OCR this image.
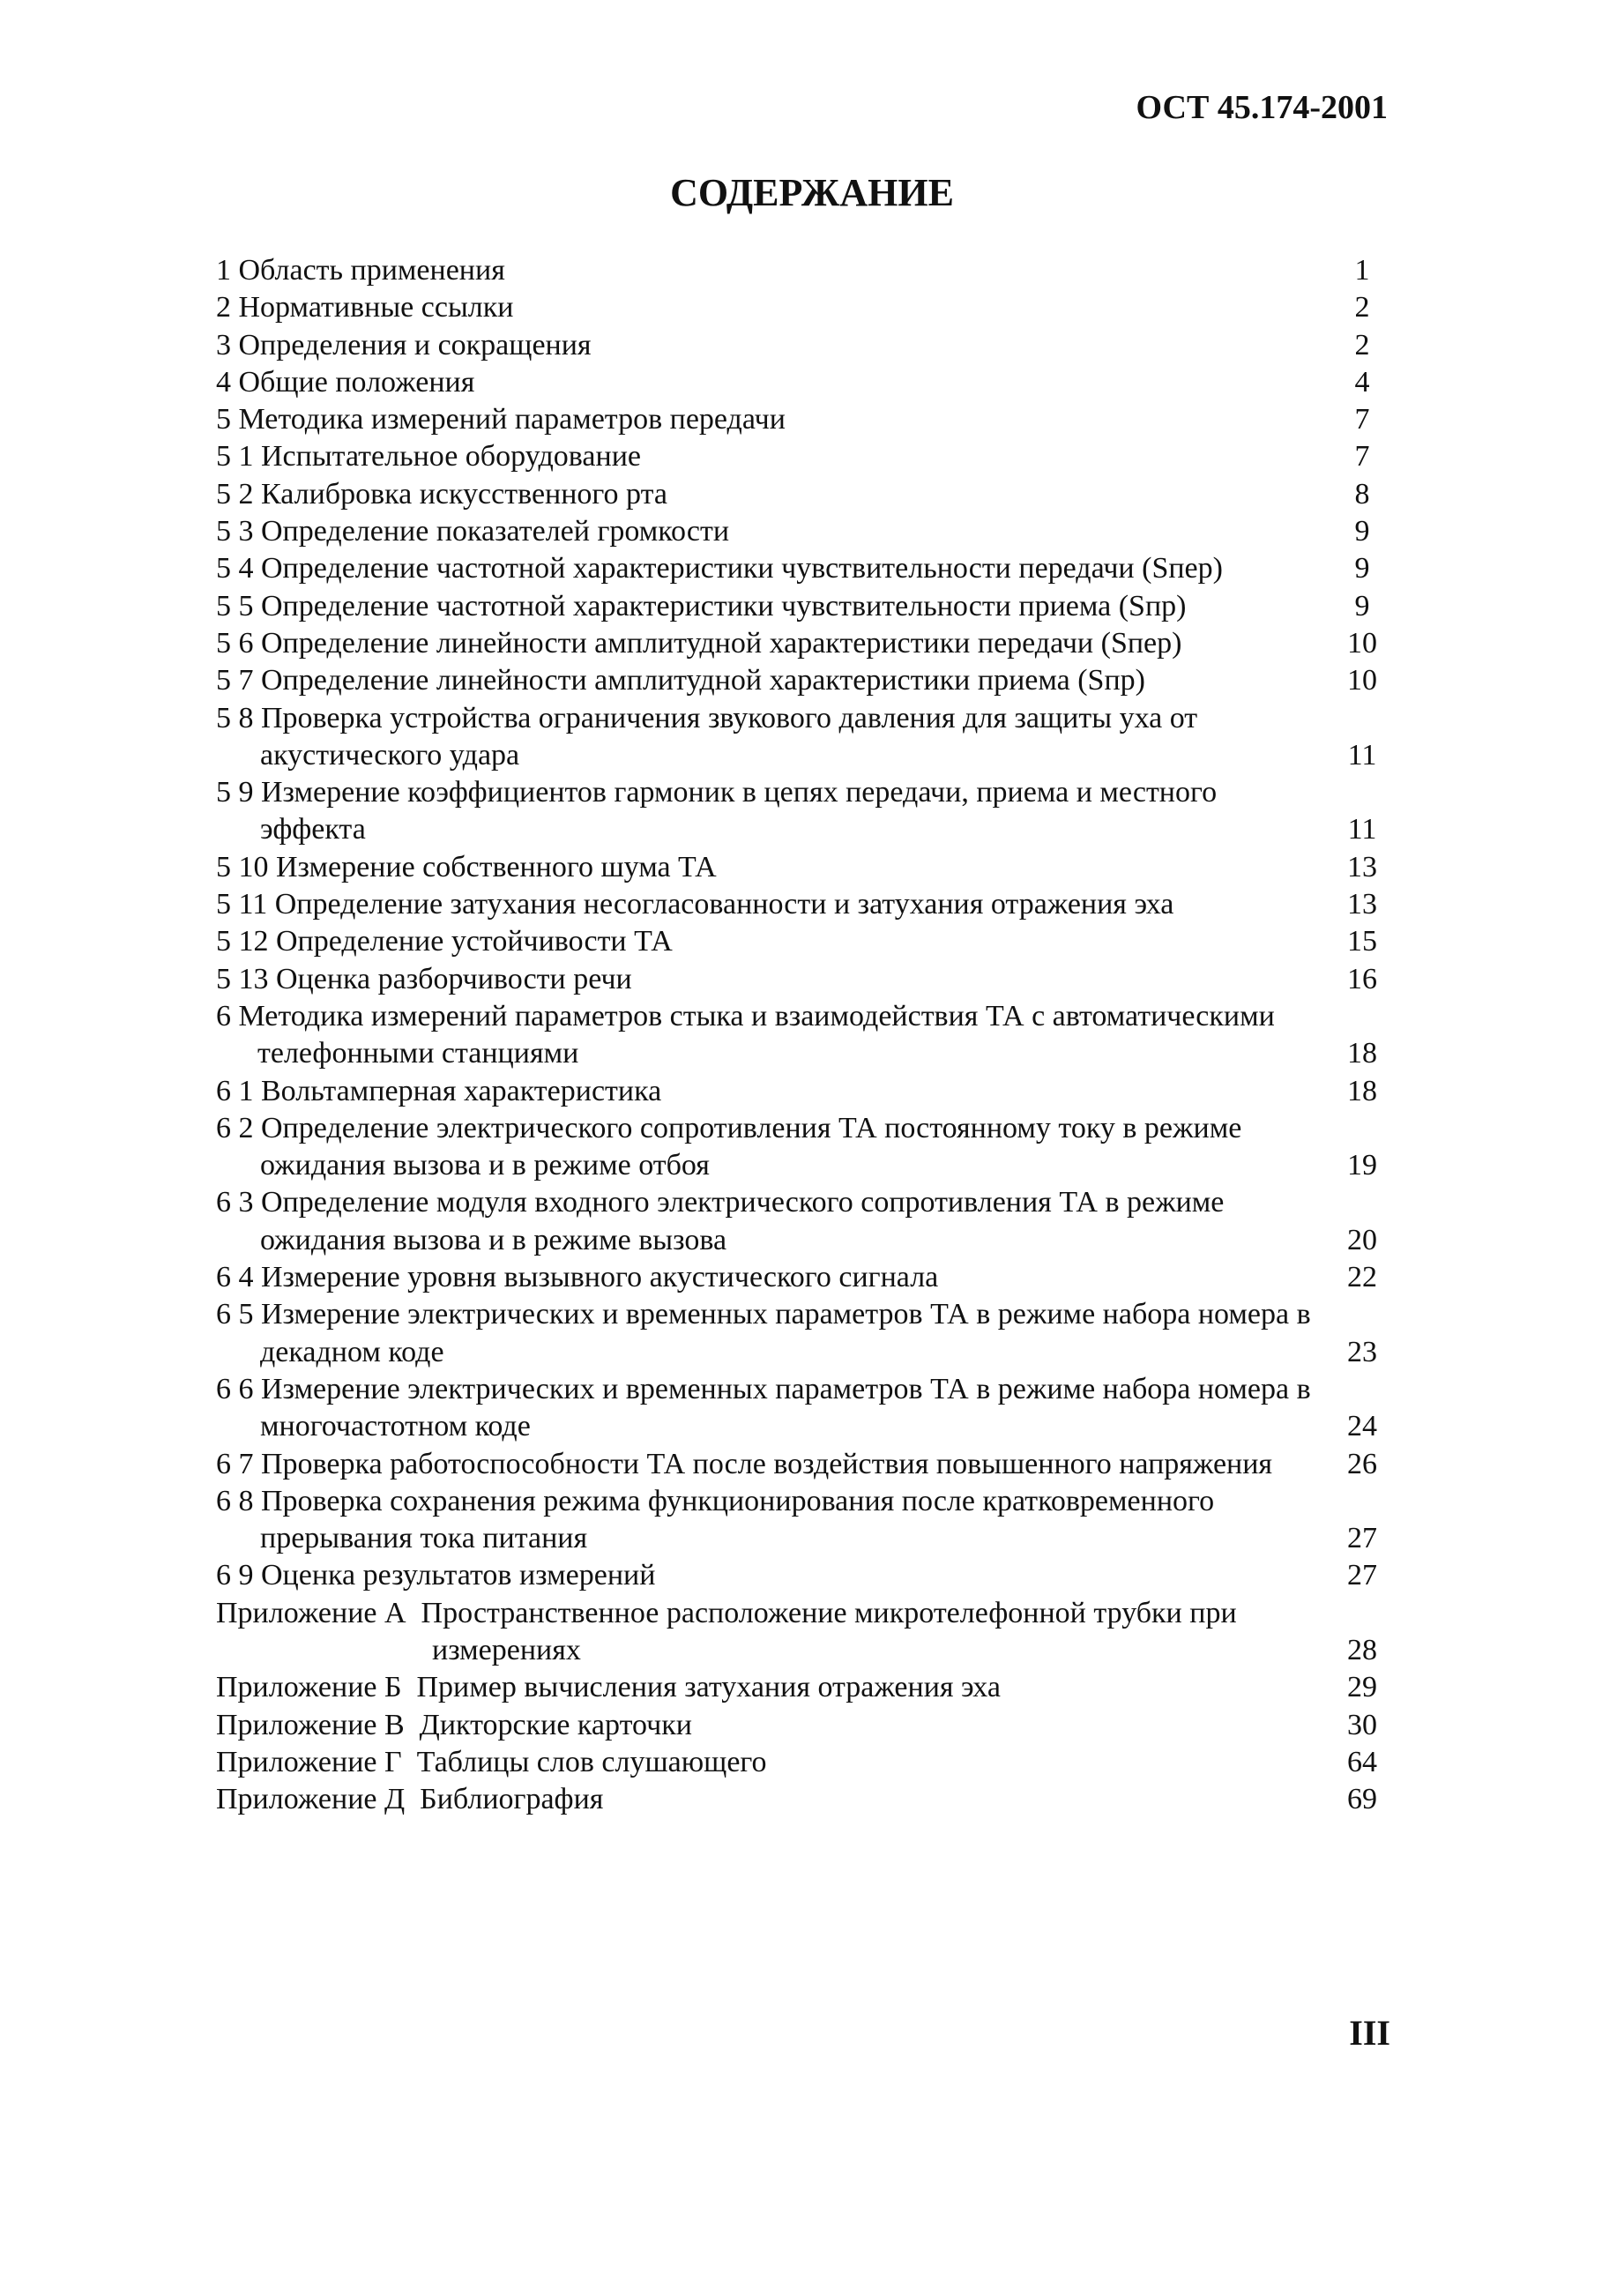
ОСТ 45.174-2001
СОДЕРЖАНИЕ
1 Область применения	1
2 Нормативные ссылки	2
3 Определения и сокращения	2
4 Общие положения	4
5 Методика измерений параметров передачи	7
5 1 Испытательное оборудование	7
5 2 Калибровка искусственного рта	8
5 3 Определение показателей громкости	9
5 4 Определение частотной характеристики чувствительности передачи (Sпер)	9
5 5 Определение частотной характеристики чувствительности приема (Sпр)	9
5 6 Определение линейности амплитудной характеристики передачи (Sпер)	10
5 7 Определение линейности амплитудной характеристики приема (Sпр)	10
5 8 Проверка устройства ограничения звукового давления для защиты уха от
акустического удара	11
5 9 Измерение коэффициентов гармоник в цепях передачи, приема и местного
эффекта	11
5 10 Измерение собственного шума ТА	13
5 11 Определение затухания несогласованности и затухания отражения эха	13
5 12 Определение устойчивости ТА	15
5 13 Оценка разборчивости речи	16
6 Методика измерений параметров стыка и взаимодействия ТА с автоматическими
телефонными станциями	18
6 1 Вольтамперная характеристика	18
6 2 Определение электрического сопротивления ТА постоянному току в режиме
ожидания вызова и в режиме отбоя	19
6 3 Определение модуля входного электрического сопротивления ТА в режиме
ожидания вызова и в режиме вызова	20
6 4 Измерение уровня вызывного акустического сигнала	22
6 5 Измерение электрических и временных параметров ТА в режиме набора номера в
декадном коде	23
6 6 Измерение электрических и временных параметров ТА в режиме набора номера в
многочастотном коде	24
6 7 Проверка работоспособности ТА после воздействия повышенного напряжения	26
6 8 Проверка сохранения режима функционирования после кратковременного
прерывания тока питания	27
6 9 Оценка результатов измерений	27
Приложение А  Пространственное расположение микротелефонной трубки при
измерениях	28
Приложение Б  Пример вычисления затухания отражения эха	29
Приложение В  Дикторские карточки	30
Приложение Г  Таблицы слов слушающего	64
Приложение Д  Библиография	69
III
